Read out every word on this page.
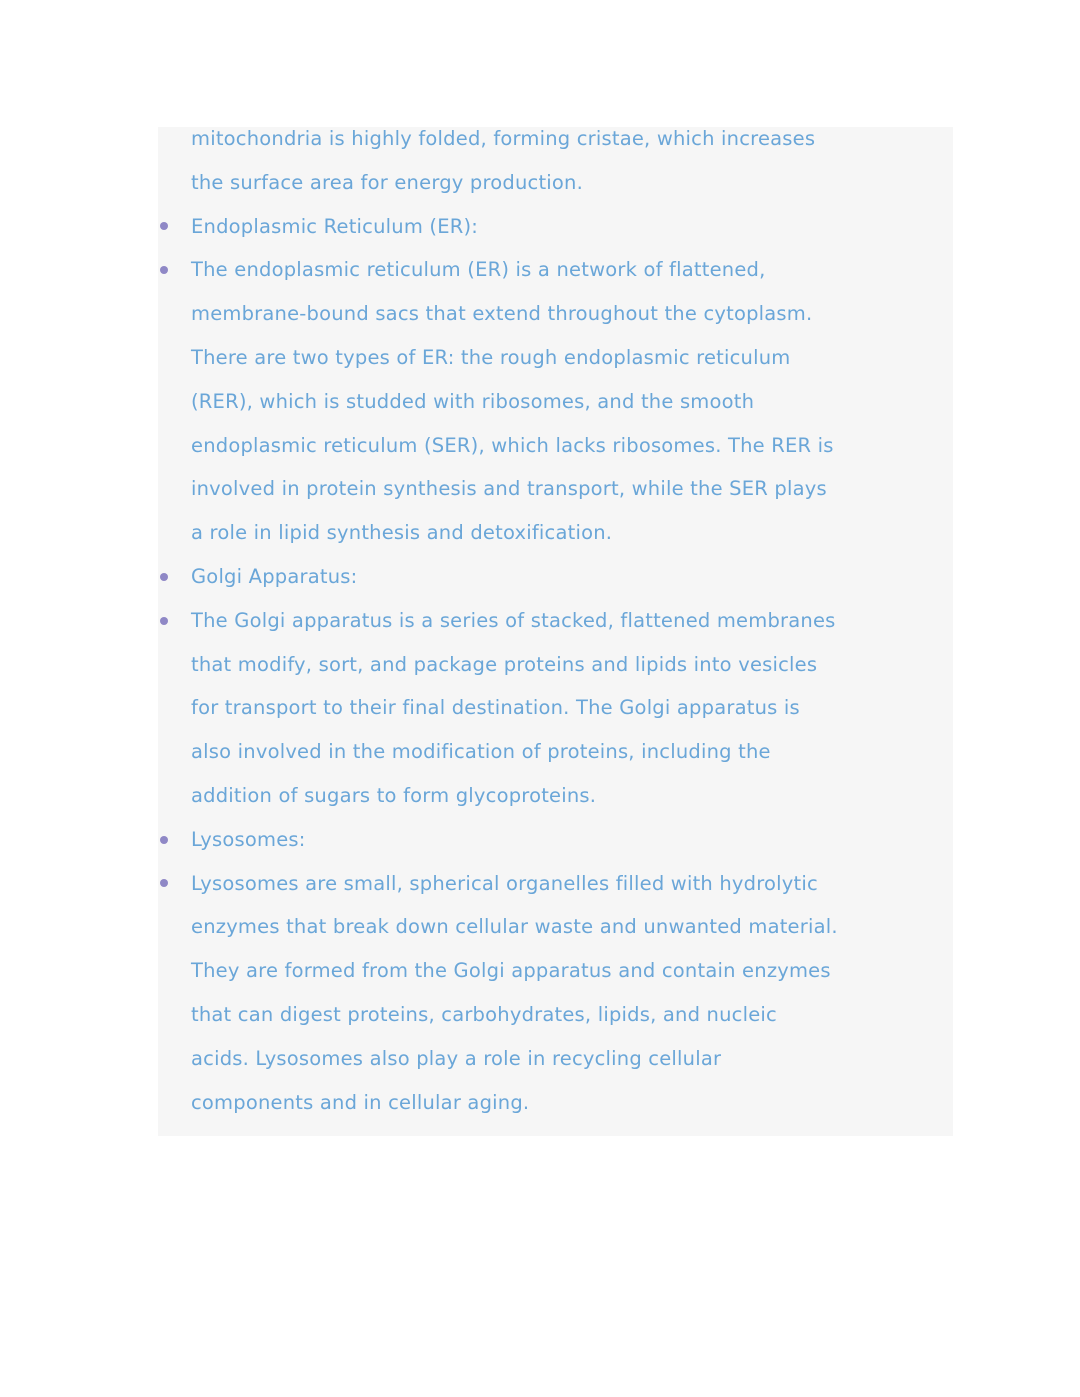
mitochondria is highly folded, forming cristae, which increases
the surface area for energy production.
Endoplasmic Reticulum (ER):
The endoplasmic reticulum (ER) is a network of flattened,
membrane-bound sacs that extend throughout the cytoplasm.
There are two types of ER: the rough endoplasmic reticulum
(RER), which is studded with ribosomes, and the smooth
endoplasmic reticulum (SER), which lacks ribosomes. The RER is
involved in protein synthesis and transport, while the SER plays
a role in lipid synthesis and detoxification.
Golgi Apparatus:
The Golgi apparatus is a series of stacked, flattened membranes
that modify, sort, and package proteins and lipids into vesicles
for transport to their final destination. The Golgi apparatus is
also involved in the modification of proteins, including the
addition of sugars to form glycoproteins.
Lysosomes:
Lysosomes are small, spherical organelles filled with hydrolytic
enzymes that break down cellular waste and unwanted material.
They are formed from the Golgi apparatus and contain enzymes
that can digest proteins, carbohydrates, lipids, and nucleic
acids. Lysosomes also play a role in recycling cellular
components and in cellular aging.
